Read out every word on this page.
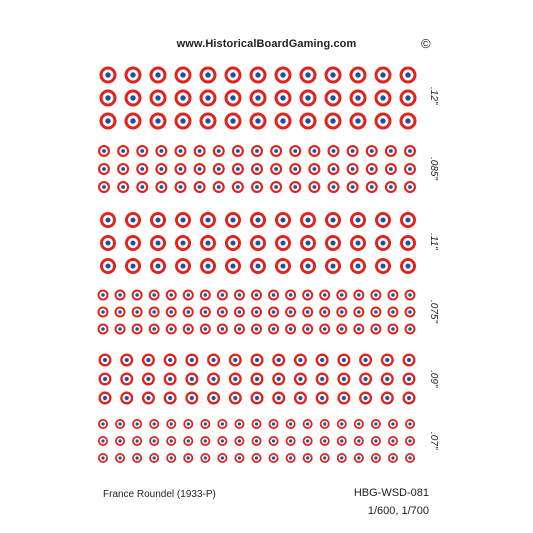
www.HistoricalBoardGaming.com	©
.12"
.085"
.11"
.075"
.09"
.07"
France Roundel (1933-P)	HBG-WSD-081
1/600, 1/700
